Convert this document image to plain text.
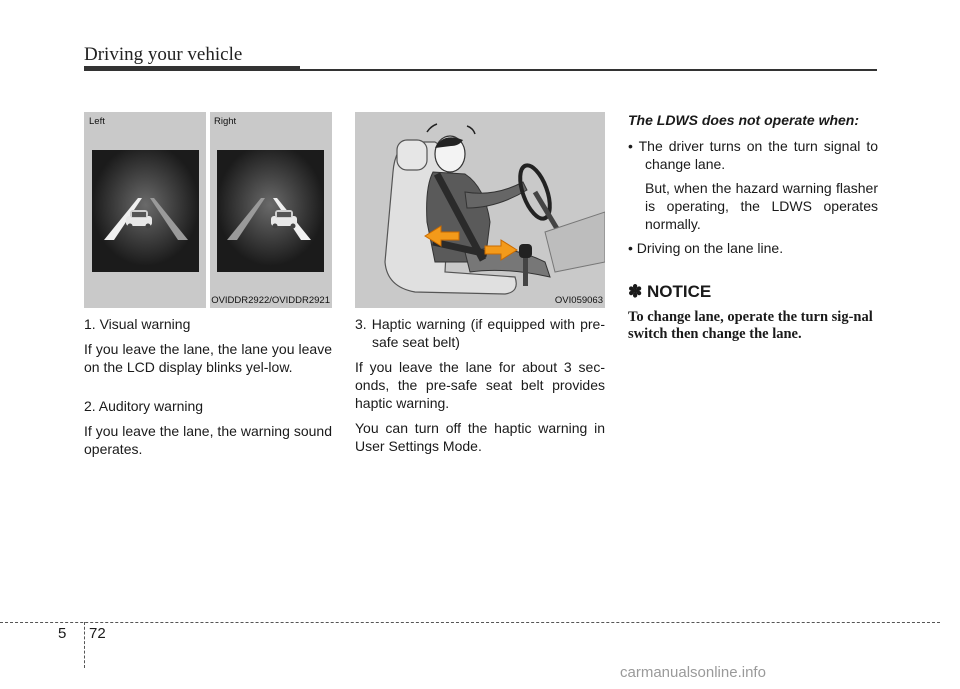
Driving your vehicle
Left	Right
OVIDDR2922/OVIDDR2921	OVI059063
1. Visual warning

If you leave the lane, the lane you leave on the LCD display blinks yel-low.

2. Auditory warning

If you leave the lane, the warning sound operates.

3. Haptic warning (if equipped with pre-safe seat belt)

If you leave the lane for about 3 sec-onds, the pre-safe seat belt provides haptic warning.

You can turn off the haptic warning in User Settings Mode.

The LDWS does not operate when:
• The driver turns on the turn signal to change lane.
But, when the hazard warning flasher is operating, the LDWS operates normally.
• Driving on the lane line.
✽ NOTICE
To change lane, operate the turn sig-nal switch then change the lane.
5 72
carmanualsonline.info
